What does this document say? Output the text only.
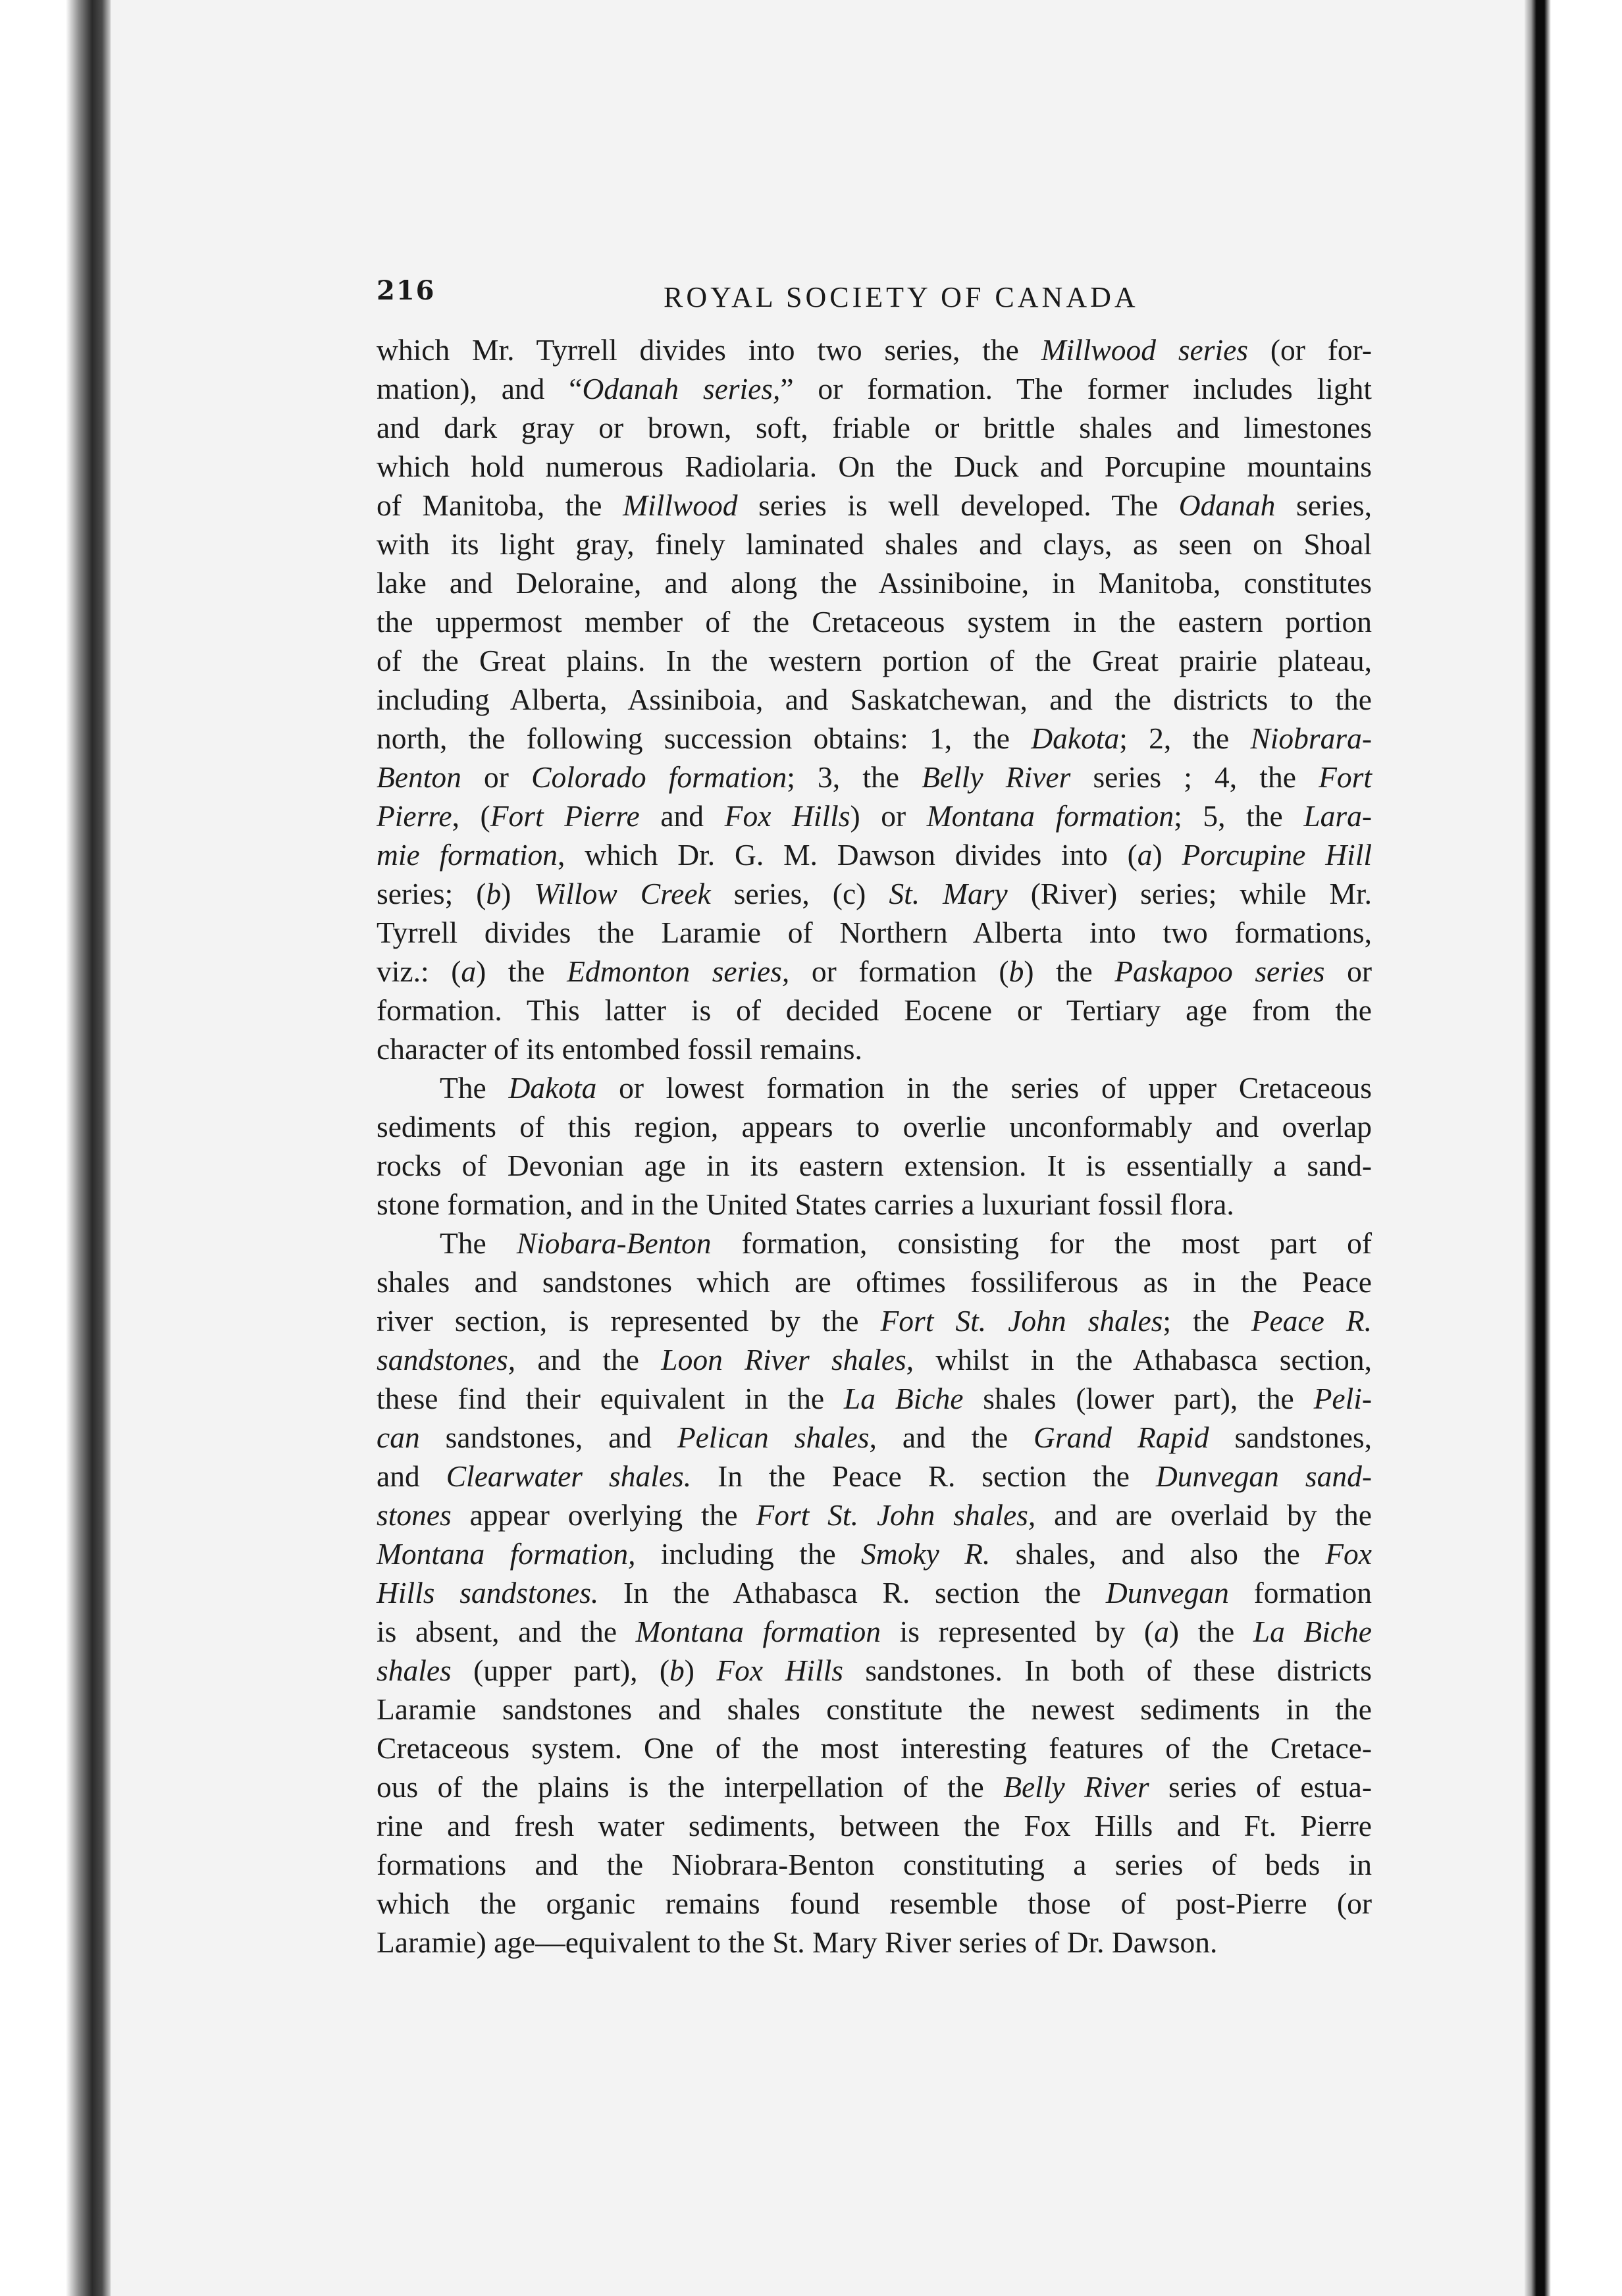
216	ROYAL SOCIETY OF CANADA
which Mr. Tyrrell divides into two series, the Millwood series (or for-
mation), and “Odanah series,” or formation. The former includes light
and dark gray or brown, soft, friable or brittle shales and limestones
which hold numerous Radiolaria. On the Duck and Porcupine mountains
of Manitoba, the Millwood series is well developed. The Odanah series,
with its light gray, finely laminated shales and clays, as seen on Shoal
lake and Deloraine, and along the Assiniboine, in Manitoba, constitutes
the uppermost member of the Cretaceous system in the eastern portion
of the Great plains. In the western portion of the Great prairie plateau,
including Alberta, Assiniboia, and Saskatchewan, and the districts to the
north, the following succession obtains: 1, the Dakota; 2, the Niobrara-
Benton or Colorado formation; 3, the Belly River series ; 4, the Fort
Pierre, (Fort Pierre and Fox Hills) or Montana formation; 5, the Lara-
mie formation, which Dr. G. M. Dawson divides into (a) Porcupine Hill
series; (b) Willow Creek series, (c) St. Mary (River) series; while Mr.
Tyrrell divides the Laramie of Northern Alberta into two formations,
viz.: (a) the Edmonton series, or formation (b) the Paskapoo series or
formation. This latter is of decided Eocene or Tertiary age from the
character of its entombed fossil remains.
The Dakota or lowest formation in the series of upper Cretaceous
sediments of this region, appears to overlie unconformably and overlap
rocks of Devonian age in its eastern extension. It is essentially a sand-
stone formation, and in the United States carries a luxuriant fossil flora.
The Niobara-Benton formation, consisting for the most part of
shales and sandstones which are oftimes fossiliferous as in the Peace
river section, is represented by the Fort St. John shales; the Peace R.
sandstones, and the Loon River shales, whilst in the Athabasca section,
these find their equivalent in the La Biche shales (lower part), the Peli-
can sandstones, and Pelican shales, and the Grand Rapid sandstones,
and Clearwater shales. In the Peace R. section the Dunvegan sand-
stones appear overlying the Fort St. John shales, and are overlaid by the
Montana formation, including the Smoky R. shales, and also the Fox
Hills sandstones. In the Athabasca R. section the Dunvegan formation
is absent, and the Montana formation is represented by (a) the La Biche
shales (upper part), (b) Fox Hills sandstones. In both of these districts
Laramie sandstones and shales constitute the newest sediments in the
Cretaceous system. One of the most interesting features of the Cretace-
ous of the plains is the interpellation of the Belly River series of estua-
rine and fresh water sediments, between the Fox Hills and Ft. Pierre
formations and the Niobrara-Benton constituting a series of beds in
which the organic remains found resemble those of post-Pierre (or
Laramie) age—equivalent to the St. Mary River series of Dr. Dawson.
